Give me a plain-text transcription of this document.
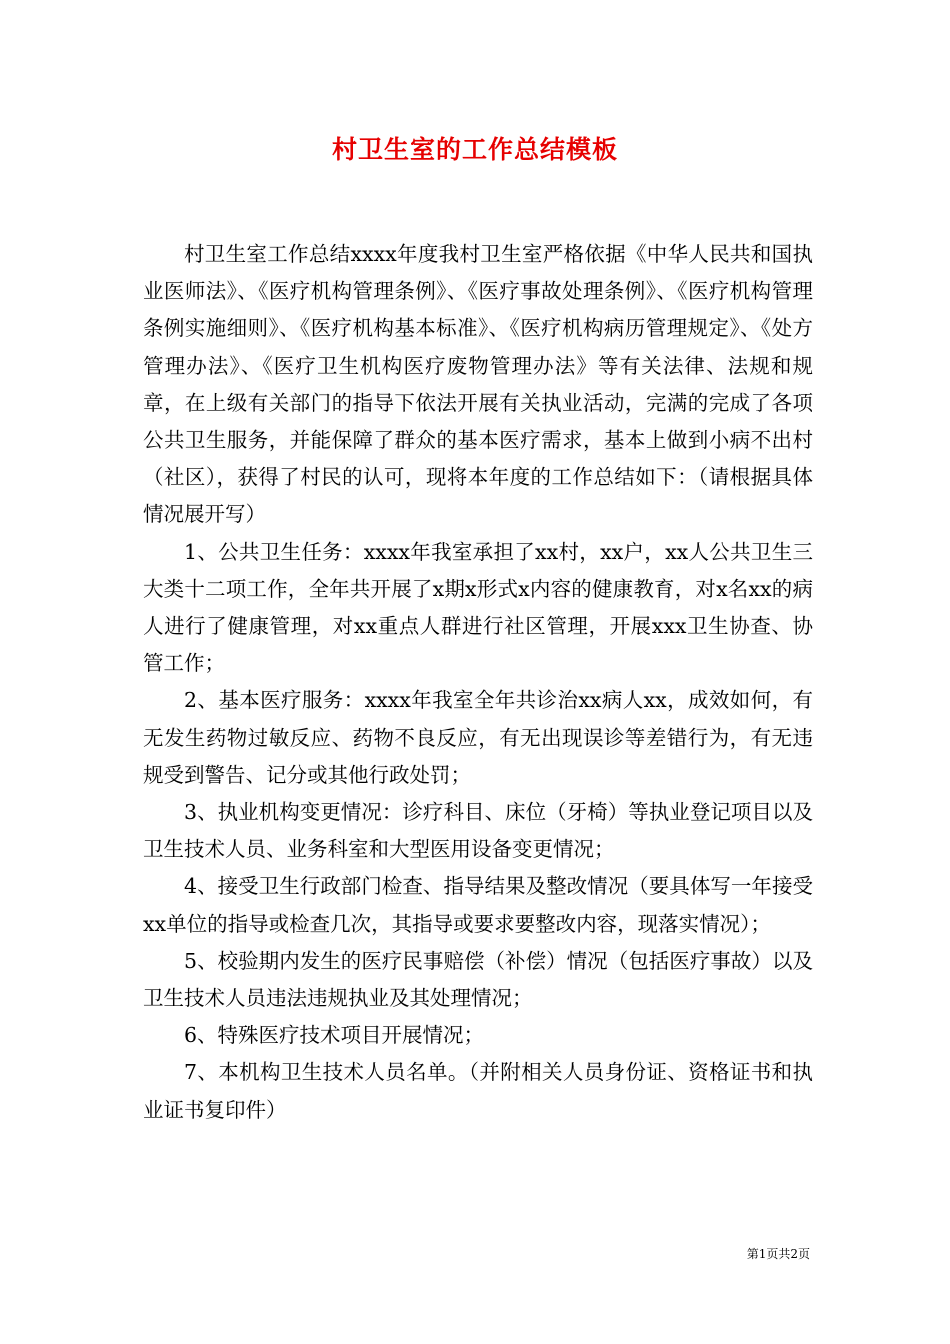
村卫生室的工作总结模板

村卫生室工作总结xxxx年度我村卫生室严格依据《中华人民共和国执业医师法》、《医疗机构管理条例》、《医疗事故处理条例》、《医疗机构管理条例实施细则》、《医疗机构基本标准》、《医疗机构病历管理规定》、《处方管理办法》、《医疗卫生机构医疗废物管理办法》等有关法律、法规和规章，在上级有关部门的指导下依法开展有关执业活动，完满的完成了各项公共卫生服务，并能保障了群众的基本医疗需求，基本上做到小病不出村（社区），获得了村民的认可，现将本年度的工作总结如下：（请根据具体情况展开写）

1、公共卫生任务：xxxx年我室承担了xx村，xx户，xx人公共卫生三大类十二项工作，全年共开展了x期x形式x内容的健康教育，对x名xx的病人进行了健康管理，对xx重点人群进行社区管理，开展xxx卫生协查、协管工作；

2、基本医疗服务：xxxx年我室全年共诊治xx病人xx，成效如何，有无发生药物过敏反应、药物不良反应，有无出现误诊等差错行为，有无违规受到警告、记分或其他行政处罚；

3、执业机构变更情况：诊疗科目、床位（牙椅）等执业登记项目以及卫生技术人员、业务科室和大型医用设备变更情况；

4、接受卫生行政部门检查、指导结果及整改情况（要具体写一年接受xx单位的指导或检查几次，其指导或要求要整改内容，现落实情况）；

5、校验期内发生的医疗民事赔偿（补偿）情况（包括医疗事故）以及卫生技术人员违法违规执业及其处理情况；

6、特殊医疗技术项目开展情况；

7、本机构卫生技术人员名单。（并附相关人员身份证、资格证书和执业证书复印件）

第1页共2页
